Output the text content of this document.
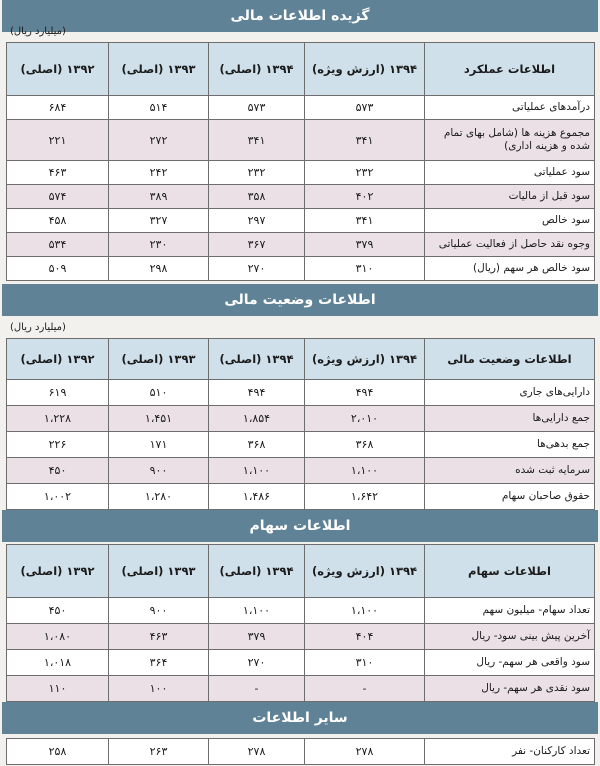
گزیده اطلاعات مالی
(میلیارد ریال)
اطلاعات عملکرد	۱۳۹۴ (ارزش ویژه)	۱۳۹۴ (اصلی)	۱۳۹۳ (اصلی)	۱۳۹۲ (اصلی)
درآمدهای عملیاتی	۵۷۳	۵۷۳	۵۱۴	۶۸۴
مجموع هزینه ها (شامل بهای تمام شده و هزینه اداری)	۳۴۱	۳۴۱	۲۷۲	۲۲۱
سود عملیاتی	۲۳۲	۲۳۲	۲۴۲	۴۶۳
سود قبل از مالیات	۴۰۲	۳۵۸	۳۸۹	۵۷۴
سود خالص	۳۴۱	۲۹۷	۳۲۷	۴۵۸
وجوه نقد حاصل از فعالیت عملیاتی	۳۷۹	۳۶۷	۲۳۰	۵۳۴
سود خالص هر سهم (ریال)	۳۱۰	۲۷۰	۲۹۸	۵۰۹
اطلاعات وضعیت مالی
(میلیارد ریال)
اطلاعات وضعیت مالی	۱۳۹۴ (ارزش ویژه)	۱۳۹۴ (اصلی)	۱۳۹۳ (اصلی)	۱۳۹۲ (اصلی)
دارایی‌های جاری	۴۹۴	۴۹۴	۵۱۰	۶۱۹
جمع دارایی‌ها	۲،۰۱۰	۱،۸۵۴	۱،۴۵۱	۱،۲۲۸
جمع بدهی‌ها	۳۶۸	۳۶۸	۱۷۱	۲۲۶
سرمایه ثبت شده	۱،۱۰۰	۱،۱۰۰	۹۰۰	۴۵۰
حقوق صاحبان سهام	۱،۶۴۲	۱،۴۸۶	۱،۲۸۰	۱،۰۰۲
اطلاعات سهام
اطلاعات سهام	۱۳۹۴ (ارزش ویژه)	۱۳۹۴ (اصلی)	۱۳۹۳ (اصلی)	۱۳۹۲ (اصلی)
تعداد سهام- میلیون سهم	۱،۱۰۰	۱،۱۰۰	۹۰۰	۴۵۰
آخرین پیش بینی سود- ریال	۴۰۴	۳۷۹	۴۶۳	۱،۰۸۰
سود واقعی هر سهم- ریال	۳۱۰	۲۷۰	۳۶۴	۱،۰۱۸
سود نقدی هر سهم- ریال	-	-	۱۰۰	۱۱۰
سایر اطلاعات
تعداد کارکنان- نفر	۲۷۸	۲۷۸	۲۶۳	۲۵۸
